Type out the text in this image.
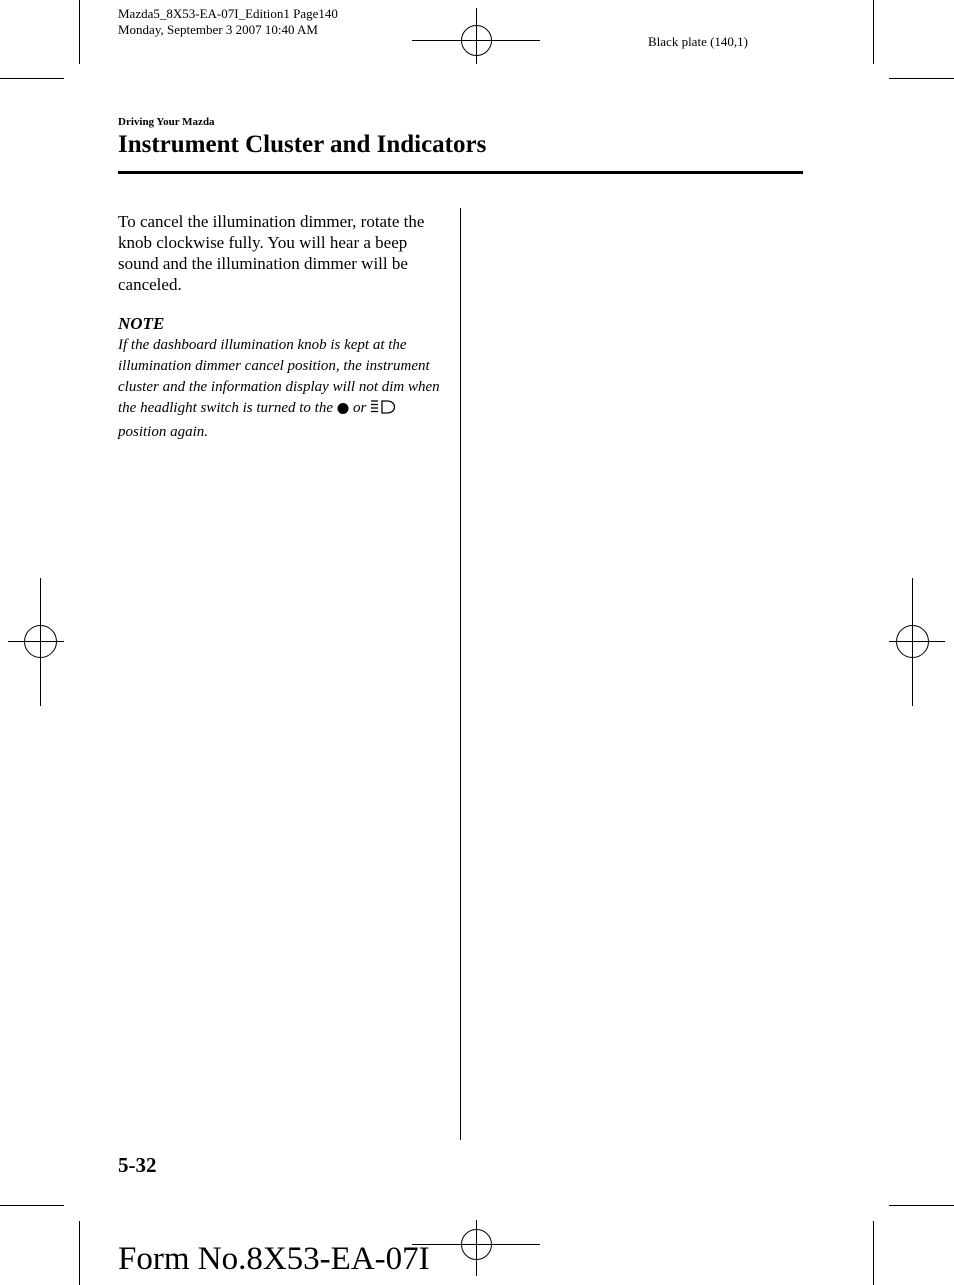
Mazda5_8X53-EA-07I_Edition1 Page140
Monday, September 3 2007 10:40 AM
Black plate (140,1)
Driving Your Mazda
Instrument Cluster and Indicators
To cancel the illumination dimmer, rotate the knob clockwise fully. You will hear a beep sound and the illumination dimmer will be canceled.
NOTE
If the dashboard illumination knob is kept at the illumination dimmer cancel position, the instrument cluster and the information display will not dim when the headlight switch is turned to the orposition again.
5-32
Form No.8X53-EA-07I
